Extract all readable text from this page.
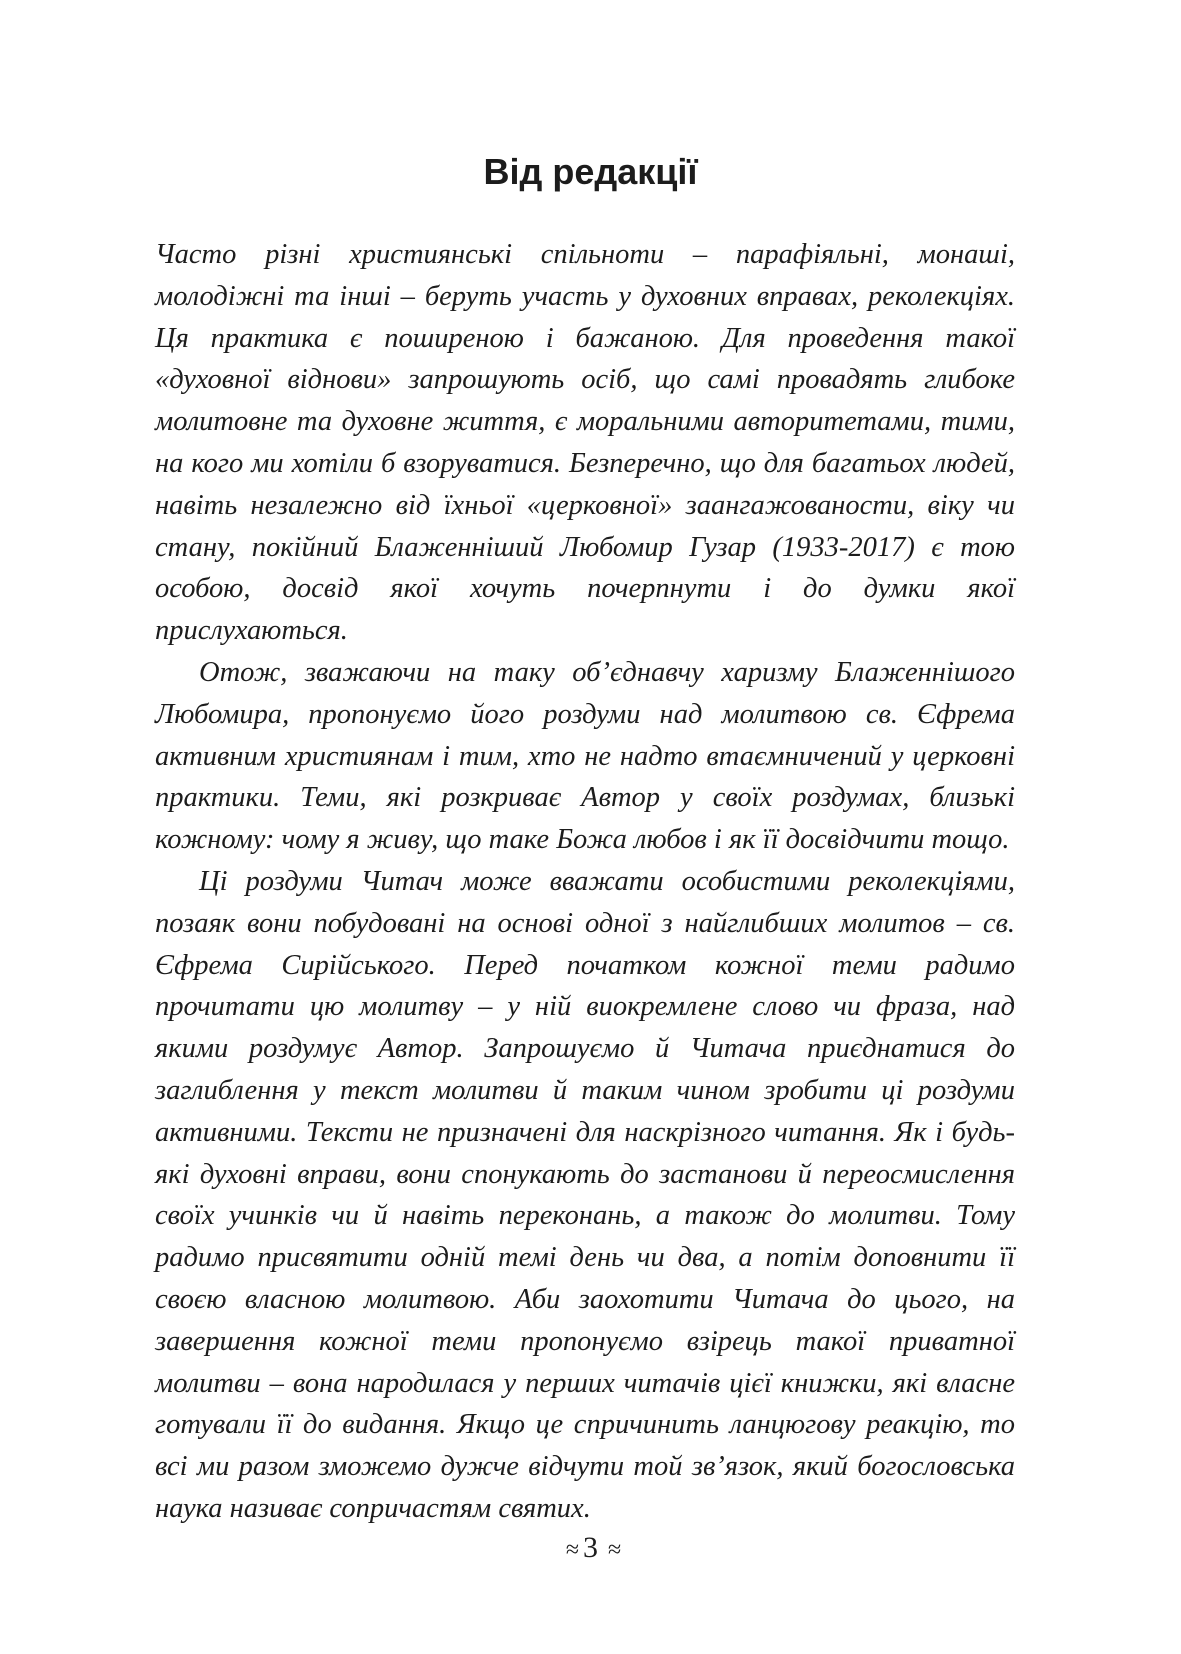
Від редакції

Часто різні християнські спільноти – парафіяльні, монаші, молодіжні та інші – беруть участь у духовних вправах, реколекціях. Ця практика є поширеною і бажаною. Для проведення такої «духовної віднови» запрошують осіб, що самі провадять глибоке молитовне та духовне життя, є моральними авторитетами, тими, на кого ми хотіли б взоруватися. Безперечно, що для багатьох людей, навіть незалежно від їхньої «церковної» заангажованости, віку чи стану, покійний Блаженніший Любомир Гузар (1933-2017) є тою особою, досвід якої хочуть почерпнути і до думки якої прислухаються.

Отож, зважаючи на таку об’єднавчу харизму Блаженнішого Любомира, пропонуємо його роздуми над молитвою св. Єфрема активним християнам і тим, хто не надто втаємничений у церковні практики. Теми, які розкриває Автор у своїх роздумах, близькі кожному: чому я живу, що таке Божа любов і як її досвідчити тощо.

Ці роздуми Читач може вважати особистими реколекціями, позаяк вони побудовані на основі одної з найглибших молитов – св. Єфрема Сирійського. Перед початком кожної теми радимо прочитати цю молитву – у ній виокремлене слово чи фраза, над якими роздумує Автор. Запрошуємо й Читача приєднатися до заглиблення у текст молитви й таким чином зробити ці роздуми активними. Тексти не призначені для наскрізного читання. Як і будь-які духовні вправи, вони спонукають до застанови й переосмислення своїх учинків чи й навіть переконань, а також до молитви. Тому радимо присвятити одній темі день чи два, а потім доповнити її своєю власною молитвою. Аби заохотити Читача до цього, на завершення кожної теми пропонуємо взірець такої приватної молитви – вона народилася у перших читачів цієї книжки, які власне готували її до видання. Якщо це спричинить ланцюгову реакцію, то всі ми разом зможемо дужче відчути той зв’язок, який богословська наука називає сопричастям святих.

≈ 3 ≈
